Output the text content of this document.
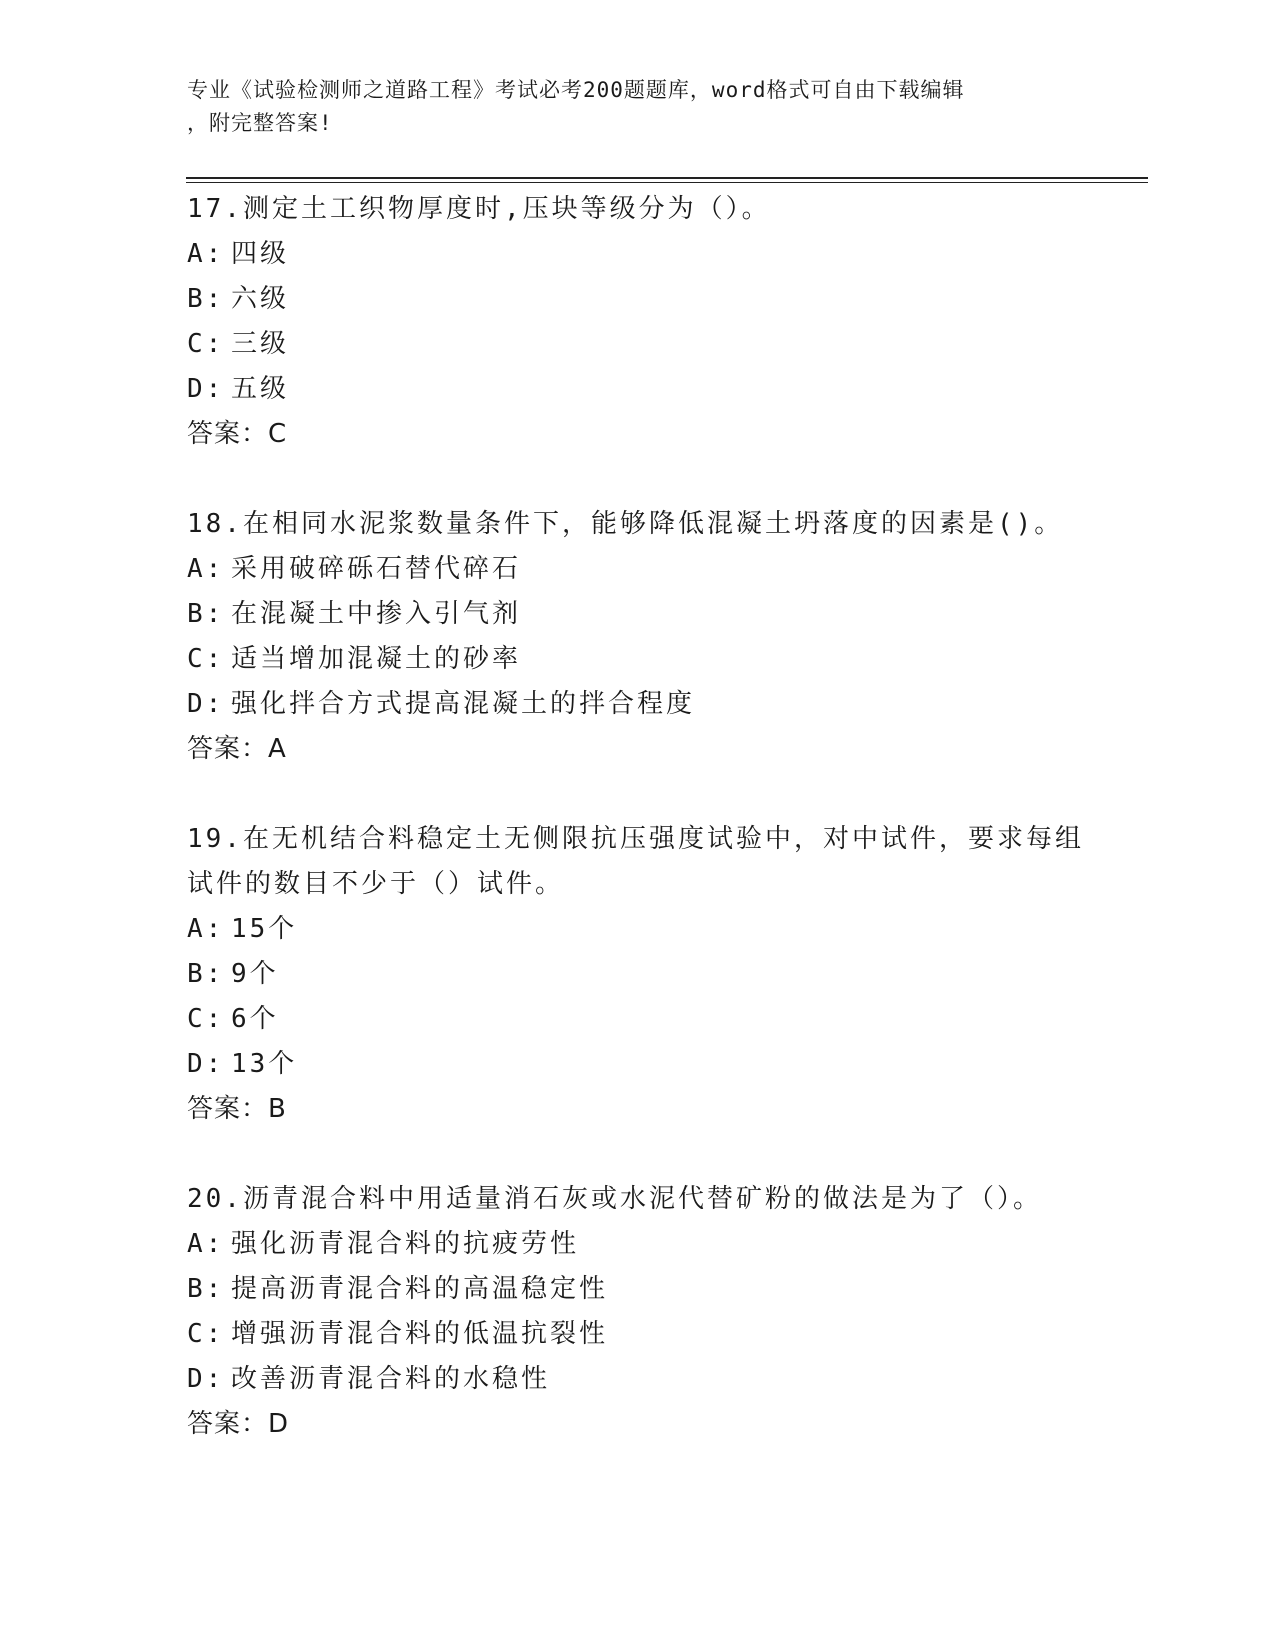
专业《试验检测师之道路工程》考试必考200题题库，word格式可自由下载编辑
，附完整答案!

17.测定土工织物厚度时,压块等级分为（）。

A: 四级

B: 六级

C: 三级

D: 五级

答案：C

18.在相同水泥浆数量条件下，能够降低混凝土坍落度的因素是()。

A: 采用破碎砾石替代碎石

B: 在混凝土中掺入引气剂

C: 适当增加混凝土的砂率

D: 强化拌合方式提高混凝土的拌合程度

答案：A

19.在无机结合料稳定土无侧限抗压强度试验中，对中试件，要求每组

试件的数目不少于（）试件。

A: 15个

B: 9个

C: 6个

D: 13个

答案：B

20.沥青混合料中用适量消石灰或水泥代替矿粉的做法是为了（）。

A: 强化沥青混合料的抗疲劳性

B: 提高沥青混合料的高温稳定性

C: 增强沥青混合料的低温抗裂性

D: 改善沥青混合料的水稳性

答案：D
